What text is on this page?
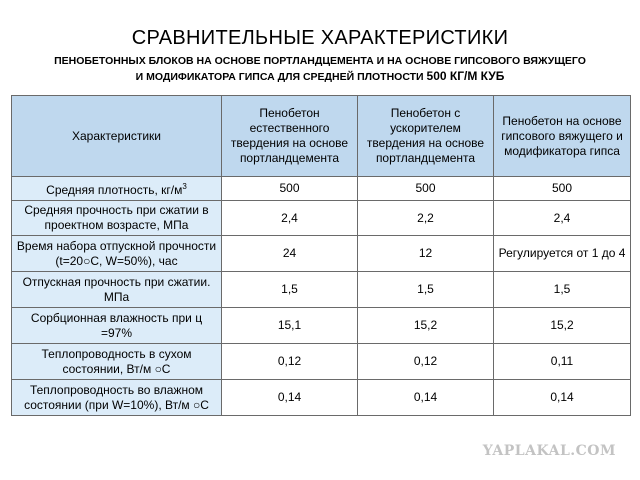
СРАВНИТЕЛЬНЫЕ ХАРАКТЕРИСТИКИ
ПЕНОБЕТОННЫХ БЛОКОВ НА ОСНОВЕ ПОРТЛАНДЦЕМЕНТА И НА ОСНОВЕ ГИПСОВОГО ВЯЖУЩЕГО
И МОДИФИКАТОРА ГИПСА ДЛЯ СРЕДНЕЙ ПЛОТНОСТИ 500 КГ/М КУБ
Характеристики	Пенобетон естественного твердения на основе портландцемента	Пенобетон с ускорителем твердения на основе портландцемента	Пенобетон на основе гипсового вяжущего и модификатора гипса
Средняя плотность, $кг/м^3$	500	500	500
Средняя прочность при сжатии в проектном возрасте, МПа	2,4	2,2	2,4
Время набора отпускной прочности (t=20○С, W=50%), час	24	12	Регулируется от 1 до 4
Отпускная прочность при сжатии. МПа	1,5	1,5	1,5
Сорбционная влажность при ц =97%	15,1	15,2	15,2
Теплопроводность в сухом состоянии, Вт/м ○С	0,12	0,12	0,11
Теплопроводность во влажном состоянии (при W=10%), Вт/м ○С	0,14	0,14	0,14
YAPLAKAL.COM
